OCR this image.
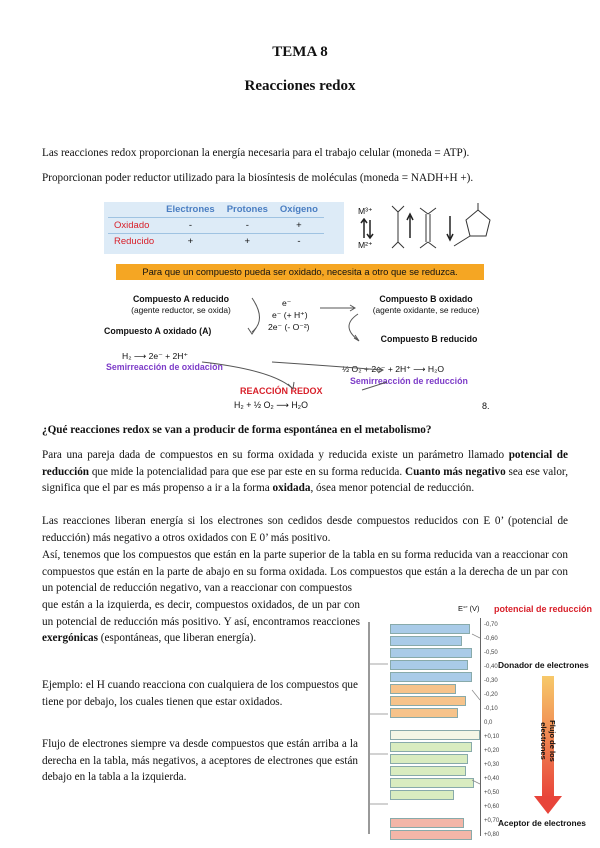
TEMA 8
Reacciones redox

Las reacciones redox proporcionan la energía necesaria para el trabajo celular (moneda = ATP).

Proporcionan poder reductor utilizado para la biosíntesis de moléculas (moneda = NADH+H +).

	Electrones	Protones	Oxígeno
Oxidado	-	-	+
Reducido	+	+	-
M³⁺
M²⁺
Para que un compuesto pueda ser oxidado, necesita a otro que se reduzca.
Compuesto A reducido
(agente reductor, se oxida)
Compuesto A oxidado (A)
e⁻
e⁻ (+ H⁺)
2e⁻ (- O⁻²)
Compuesto B oxidado
(agente oxidante, se reduce)
Compuesto B reducido
H₂ ⟶ 2e⁻ + 2H⁺
Semirreacción de oxidación	½ O₂ + 2e⁻ + 2H⁺ ⟶ H₂O
Semirreacción de reducción
REACCIÓN REDOX
H₂ + ½ O₂ ⟶ H₂O	8.

¿Qué reacciones redox se van a producir de forma espontánea en el metabolismo?

Para una pareja dada de compuestos en su forma oxidada y reducida existe un parámetro llamado potencial de reducción que mide la potencialidad para que ese par este en su forma reducida. Cuanto más negativo sea ese valor, significa que el par es más propenso a ir a la forma oxidada, ósea menor potencial de reducción.

Las reacciones liberan energía si los electrones son cedidos desde compuestos reducidos con E 0’ (potencial de reducción) más negativo a otros oxidados con E 0’ más positivo.

Así, tenemos que los compuestos que están en la parte superior de la tabla en su forma reducida van a reaccionar con compuestos que están en la parte de abajo en su forma oxidada. Los compuestos que están a la derecha de un par con un potencial de reducción negativo, van a reaccionar con compuestos

que están a la izquierda, es decir, compuestos oxidados, de un par con un potencial de reducción más positivo. Y así, encontramos reacciones exergónicas (espontáneas, que liberan energía).

Ejemplo: el H cuando reacciona con cualquiera de los compuestos que tiene por debajo, los cuales tienen que estar oxidados.

Flujo de electrones siempre va desde compuestos que están arriba a la derecha en la tabla, más negativos, a aceptores de electrones que están debajo en la tabla a la izquierda.

E°’ (V) potencial de reducción
-0,70
-0,60
-0,50
-0,40
-0,30
-0,20
-0,10
0,0
+0,10
+0,20
+0,30
+0,40
+0,50
+0,60
+0,70
+0,80
Donador de electrones
Flujo de los electrones
Aceptor de electrones
